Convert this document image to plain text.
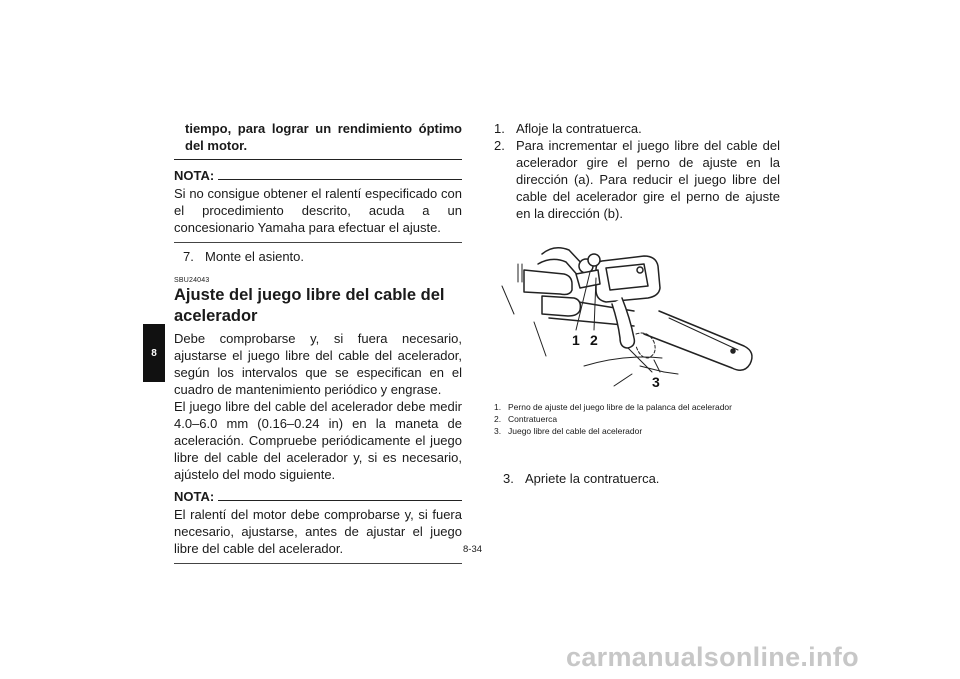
8
tiempo, para lograr un rendimiento óptimo del motor.
NOTA:
Si no consigue obtener el ralentí especificado con el procedimiento descrito, acuda a un concesionario Yamaha para efectuar el ajuste.
7. Monte el asiento.
SBU24043
Ajuste del juego libre del cable del acelerador
Debe comprobarse y, si fuera necesario, ajustarse el juego libre del cable del acelerador, según los intervalos que se especifican en el cuadro de mantenimiento periódico y engrase.
El juego libre del cable del acelerador debe medir 4.0–6.0 mm (0.16–0.24 in) en la maneta de aceleración. Compruebe periódicamente el juego libre del cable del acelerador y, si es necesario, ajústelo del modo siguiente.
NOTA:
El ralentí del motor debe comprobarse y, si fuera necesario, ajustarse, antes de ajustar el juego libre del cable del acelerador.
1. Afloje la contratuerca.
2. Para incrementar el juego libre del cable del acelerador gire el perno de ajuste en la dirección (a). Para reducir el juego libre del cable del acelerador gire el perno de ajuste en la dirección (b).
1 2
3
1. Perno de ajuste del juego libre de la palanca del acelerador
2. Contratuerca
3. Juego libre del cable del acelerador
3. Apriete la contratuerca.
8-34
carmanualsonline.info
